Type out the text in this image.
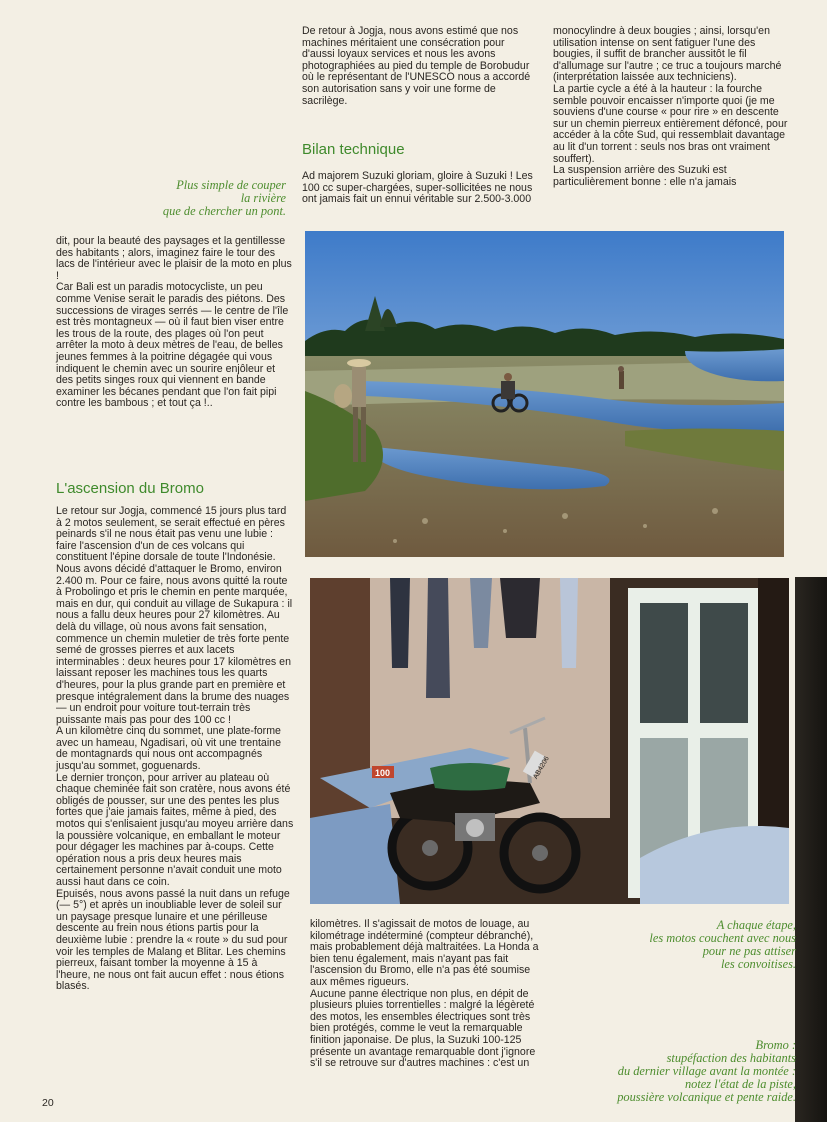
De retour à Jogja, nous avons estimé que nos machines méritaient une consécration pour d'aussi loyaux services et nous les avons photographiées au pied du temple de Borobudur où le représentant de l'UNESCO nous a accordé son autorisation sans y voir une forme de sacrilège.

Bilan technique

Ad majorem Suzuki gloriam, gloire à Suzuki ! Les 100 cc super-chargées, super-sollicitées ne nous ont jamais fait un ennui véritable sur 2.500-3.000

monocylindre à deux bougies ; ainsi, lorsqu'en utilisation intense on sent fatiguer l'une des bougies, il suffit de brancher aussitôt le fil d'allumage sur l'autre ; ce truc a toujours marché (interprétation laissée aux techniciens).

La partie cycle a été à la hauteur : la fourche semble pouvoir encaisser n'importe quoi (je me souviens d'une course « pour rire » en descente sur un chemin pierreux entièrement défoncé, pour accéder à la côte Sud, qui ressemblait davantage au lit d'un torrent : seuls nos bras ont vraiment souffert).

La suspension arrière des Suzuki est particulièrement bonne : elle n'a jamais

Plus simple de couper
la rivière
que de chercher un pont.

dit, pour la beauté des paysages et la gentillesse des habitants ; alors, imaginez faire le tour des lacs de l'intérieur avec le plaisir de la moto en plus !

Car Bali est un paradis motocycliste, un peu comme Venise serait le paradis des piétons. Des successions de virages serrés — le centre de l'île est très montagneux — où il faut bien viser entre les trous de la route, des plages où l'on peut arrêter la moto à deux mètres de l'eau, de belles jeunes femmes à la poitrine dégagée qui vous indiquent le chemin avec un sourire enjôleur et des petits singes roux qui viennent en bande examiner les bécanes pendant que l'on fait pipi contre les bambous ; et tout ça !..

L'ascension du Bromo

Le retour sur Jogja, commencé 15 jours plus tard à 2 motos seulement, se serait effectué en pères peinards s'il ne nous était pas venu une lubie : faire l'ascension d'un de ces volcans qui constituent l'épine dorsale de toute l'Indonésie. Nous avons décidé d'attaquer le Bromo, environ 2.400 m. Pour ce faire, nous avons quitté la route à Probolingo et pris le chemin en pente marquée, mais en dur, qui conduit au village de Sukapura : il nous a fallu deux heures pour 27 kilomètres. Au delà du village, où nous avons fait sensation, commence un chemin muletier de très forte pente semé de grosses pierres et aux lacets interminables : deux heures pour 17 kilomètres en laissant reposer les machines tous les quarts d'heures, pour la plus grande part en première et presque intégralement dans la brume des nuages — un endroit pour voiture tout-terrain très puissante mais pas pour des 100 cc !

A un kilomètre cinq du sommet, une plate-forme avec un hameau, Ngadisari, où vit une trentaine de montagnards qui nous ont accompagnés jusqu'au sommet, goguenards.

Le dernier tronçon, pour arriver au plateau où chaque cheminée fait son cratère, nous avons été obligés de pousser, sur une des pentes les plus fortes que j'aie jamais faites, même à pied, des motos qui s'enlisaient jusqu'au moyeu arrière dans la poussière volcanique, en emballant le moteur pour dégager les machines par à-coups. Cette opération nous a pris deux heures mais certainement personne n'avait conduit une moto aussi haut dans ce coin.

Epuisés, nous avons passé la nuit dans un refuge (— 5°) et après un inoubliable lever de soleil sur un paysage presque lunaire et une périlleuse descente au frein nous étions partis pour la deuxième lubie : prendre la « route » du sud pour voir les temples de Malang et Blitar. Les chemins pierreux, faisant tomber la moyenne à 15 à l'heure, ne nous ont fait aucun effet : nous étions blasés.

20
AB4206
100

kilomètres. Il s'agissait de motos de louage, au kilométrage indéterminé (compteur débranché), mais probablement déjà maltraitées. La Honda a bien tenu également, mais n'ayant pas fait l'ascension du Bromo, elle n'a pas été soumise aux mêmes rigueurs.

Aucune panne électrique non plus, en dépit de plusieurs pluies torrentielles : malgré la légèreté des motos, les ensembles électriques sont très bien protégés, comme le veut la remarquable finition japonaise. De plus, la Suzuki 100-125 présente un avantage remarquable dont j'ignore s'il se retrouve sur d'autres machines : c'est un

A chaque étape,
les motos couchent avec nous
pour ne pas attiser
les convoitises.
Bromo :
stupéfaction des habitants
du dernier village avant la montée :
notez l'état de la piste,
poussière volcanique et pente raide.
